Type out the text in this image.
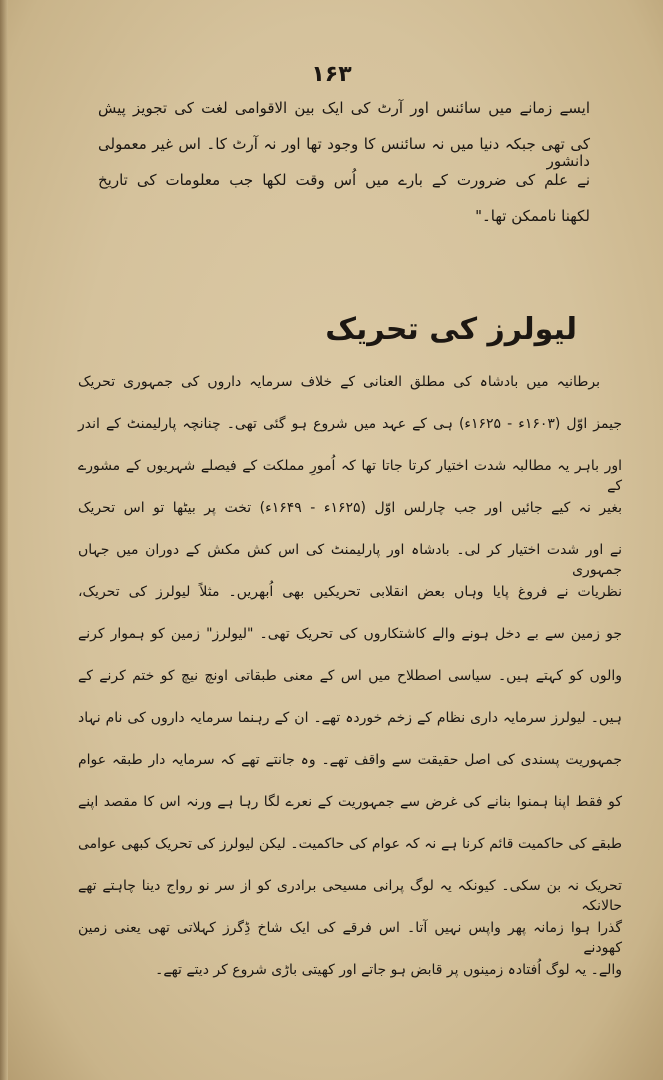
۱۶۳
ایسے زمانے میں سائنس اور آرٹ کی ایک بین الاقوامی لغت کی تجویز پیش
کی تھی جبکہ دنیا میں نہ سائنس کا وجود تھا اور نہ آرٹ کا۔ اس غیر معمولی دانشور
نے علم کی ضرورت کے بارے میں اُس وقت لکھا جب معلومات کی تاریخ
لکھنا ناممکن تھا۔"
لیولرز کی تحریک
برطانیہ میں بادشاہ کی مطلق العنانی کے خلاف سرمایہ داروں کی جمہوری تحریک
جیمز اوّل (۱۶۰۳ء - ۱۶۲۵ء) ہی کے عہد میں شروع ہو گئی تھی۔ چنانچہ پارلیمنٹ کے اندر
اور باہر یہ مطالبہ شدت اختیار کرتا جاتا تھا کہ اُمورِ مملکت کے فیصلے شہریوں کے مشورے کے
بغیر نہ کیے جائیں اور جب چارلس اوّل (۱۶۲۵ء - ۱۶۴۹ء) تخت پر بیٹھا تو اس تحریک
نے اور شدت اختیار کر لی۔ بادشاہ اور پارلیمنٹ کی اس کش مکش کے دوران میں جہاں جمہوری
نظریات نے فروغ پایا وہاں بعض انقلابی تحریکیں بھی اُبھریں۔ مثلاً لیولرز کی تحریک،
جو زمین سے بے دخل ہونے والے کاشتکاروں کی تحریک تھی۔ "لیولرز" زمین کو ہموار کرنے
والوں کو کہتے ہیں۔ سیاسی اصطلاح میں اس کے معنی طبقاتی اونچ نیچ کو ختم کرنے کے
ہیں۔ لیولرز سرمایہ داری نظام کے زخم خوردہ تھے۔ ان کے رہنما سرمایہ داروں کی نام نہاد
جمہوریت پسندی کی اصل حقیقت سے واقف تھے۔ وہ جانتے تھے کہ سرمایہ دار طبقہ عوام
کو فقط اپنا ہمنوا بنانے کی غرض سے جمہوریت کے نعرے لگا رہا ہے ورنہ اس کا مقصد اپنے
طبقے کی حاکمیت قائم کرنا ہے نہ کہ عوام کی حاکمیت۔ لیکن لیولرز کی تحریک کبھی عوامی
تحریک نہ بن سکی۔ کیونکہ یہ لوگ پرانی مسیحی برادری کو از سر نو رواج دینا چاہتے تھے حالانکہ
گذرا ہوا زمانہ پھر واپس نہیں آتا۔ اس فرقے کی ایک شاخ ڈِگرز کہلاتی تھی یعنی زمین کھودنے
والے۔ یہ لوگ اُفتادہ زمینوں پر قابض ہو جاتے اور کھیتی باڑی شروع کر دیتے تھے۔
